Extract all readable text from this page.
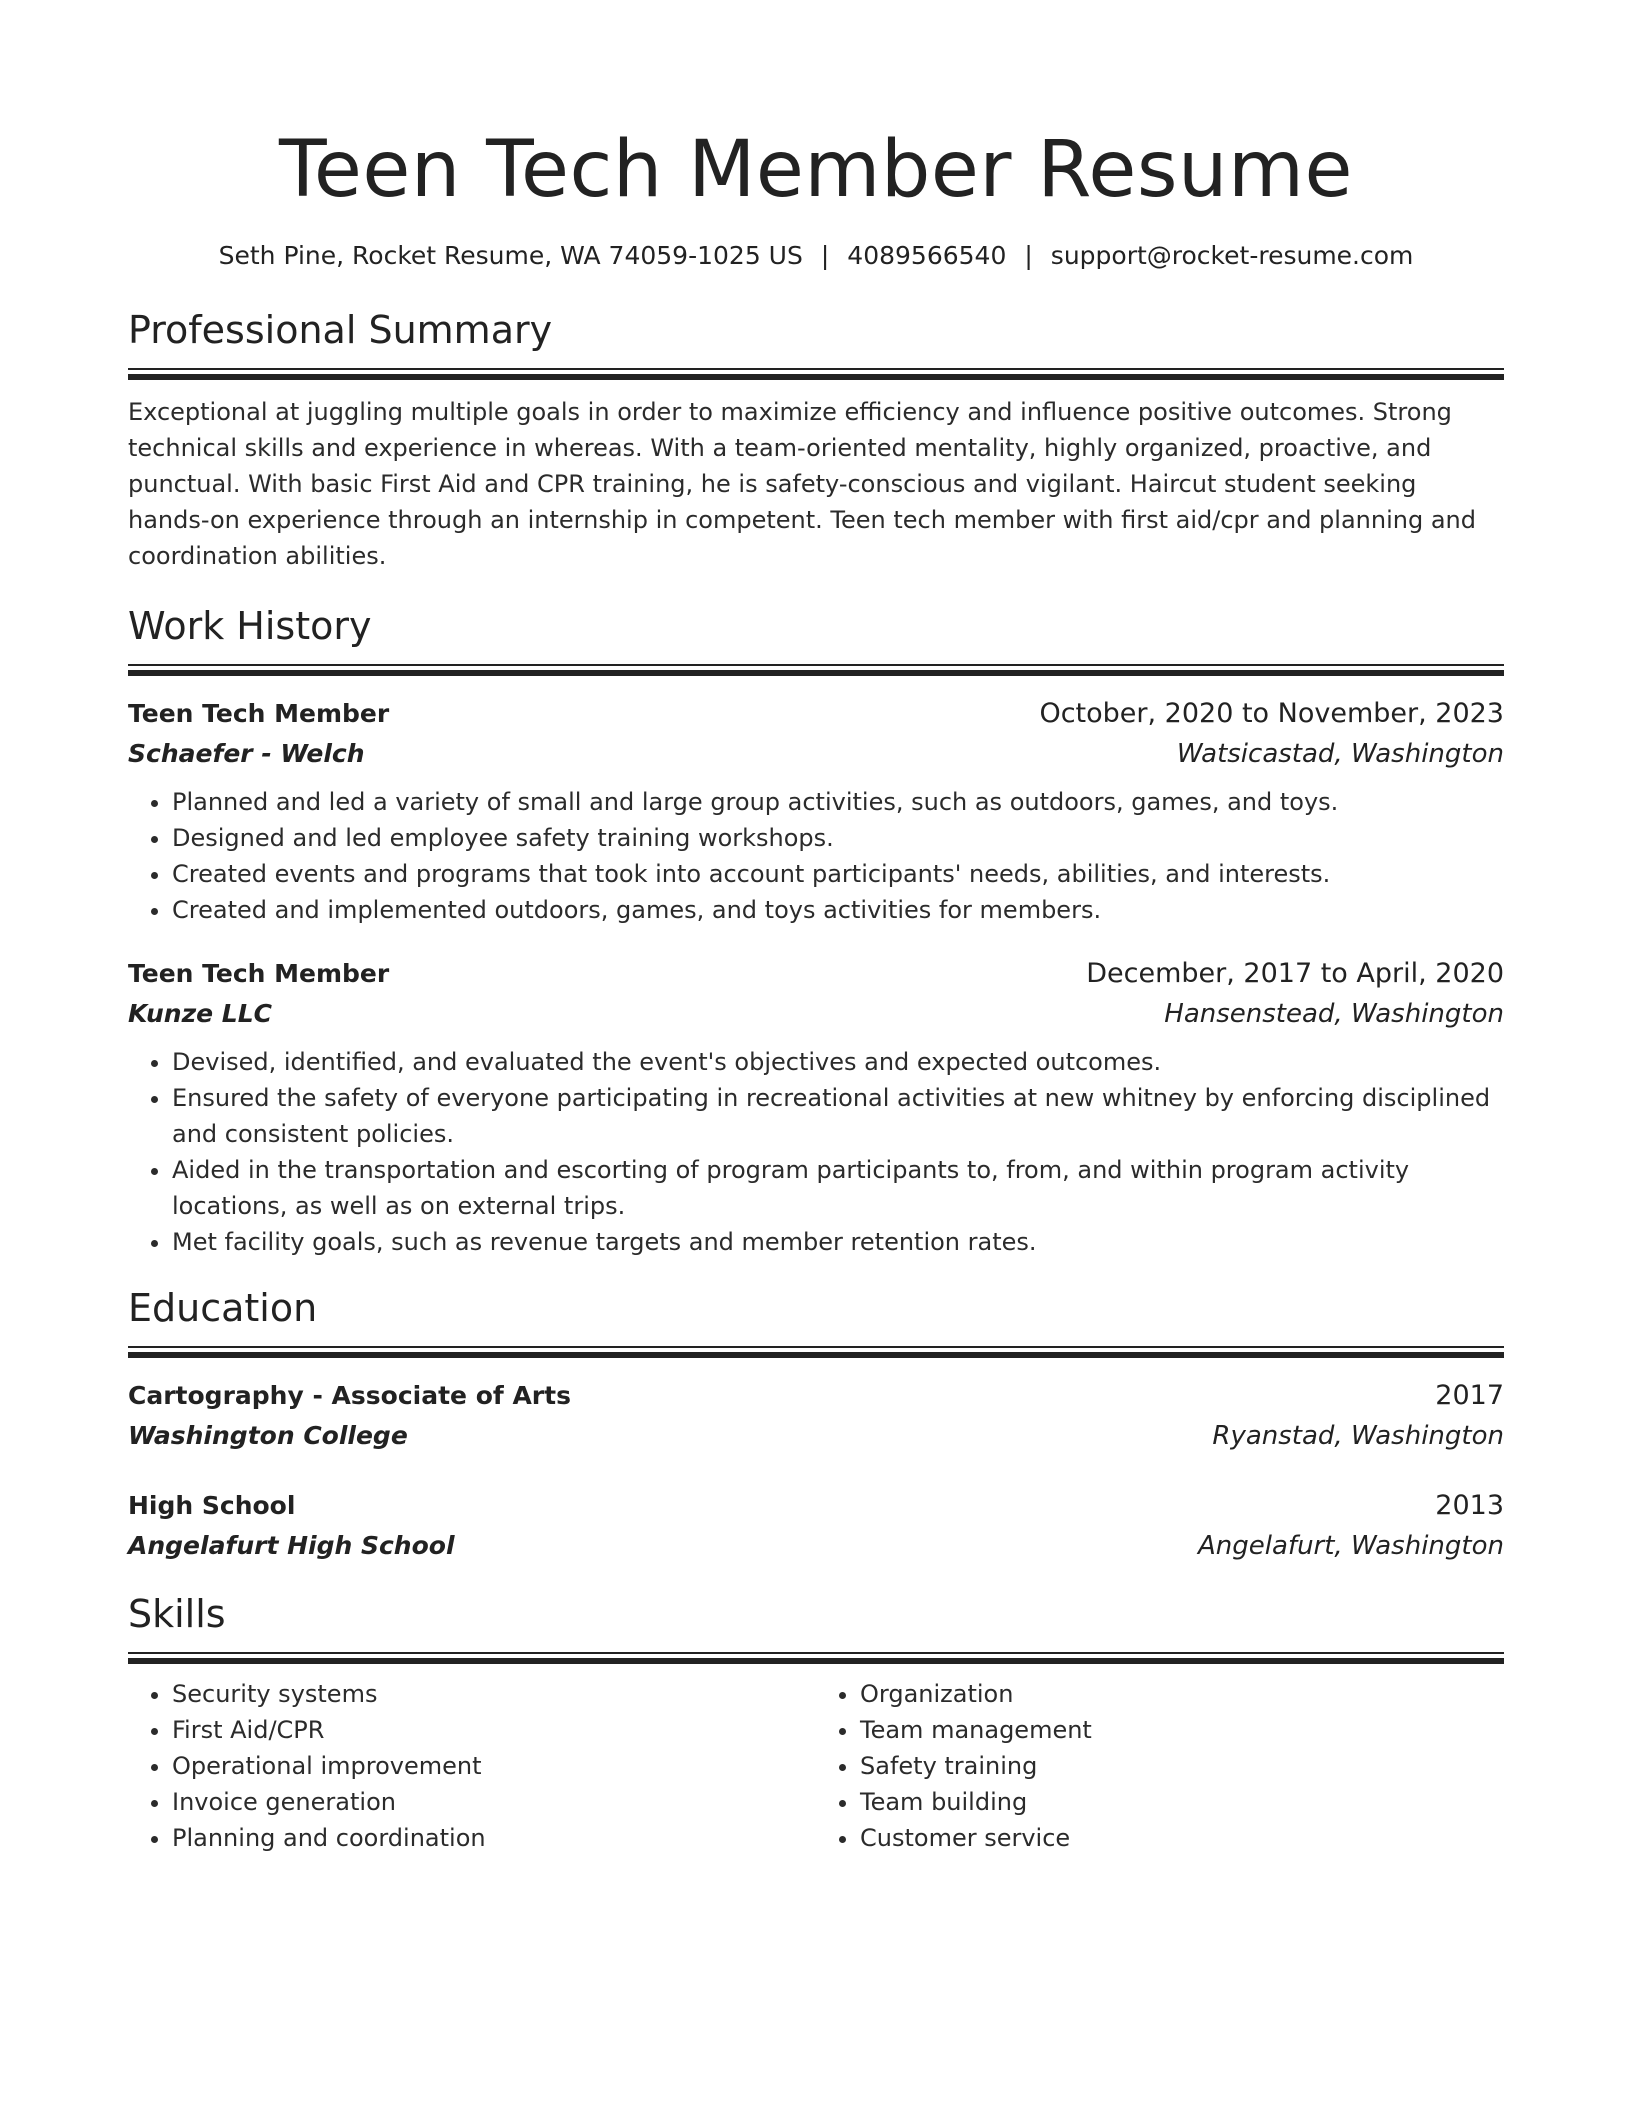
Teen Tech Member Resume
Seth Pine, Rocket Resume, WA 74059-1025 US | 4089566540 | support@rocket-resume.com
Professional Summary

Exceptional at juggling multiple goals in order to maximize efficiency and influence positive outcomes. Strong technical skills and experience in whereas. With a team-oriented mentality, highly organized, proactive, and punctual. With basic First Aid and CPR training, he is safety-conscious and vigilant. Haircut student seeking hands-on experience through an internship in competent. Teen tech member with first aid/cpr and planning and coordination abilities.

Work History
Teen Tech Member	October, 2020 to November, 2023
Schaefer - Welch	Watsicastad, Washington
• Planned and led a variety of small and large group activities, such as outdoors, games, and toys.
• Designed and led employee safety training workshops.
• Created events and programs that took into account participants' needs, abilities, and interests.
• Created and implemented outdoors, games, and toys activities for members.
Teen Tech Member	December, 2017 to April, 2020
Kunze LLC	Hansenstead, Washington
• Devised, identified, and evaluated the event's objectives and expected outcomes.
• Ensured the safety of everyone participating in recreational activities at new whitney by enforcing disciplined and consistent policies.
• Aided in the transportation and escorting of program participants to, from, and within program activity locations, as well as on external trips.
• Met facility goals, such as revenue targets and member retention rates.
Education
Cartography - Associate of Arts	2017
Washington College	Ryanstad, Washington
High School	2013
Angelafurt High School	Angelafurt, Washington
Skills
• Security systems
• First Aid/CPR
• Operational improvement
• Invoice generation
• Planning and coordination
• Organization
• Team management
• Safety training
• Team building
• Customer service
